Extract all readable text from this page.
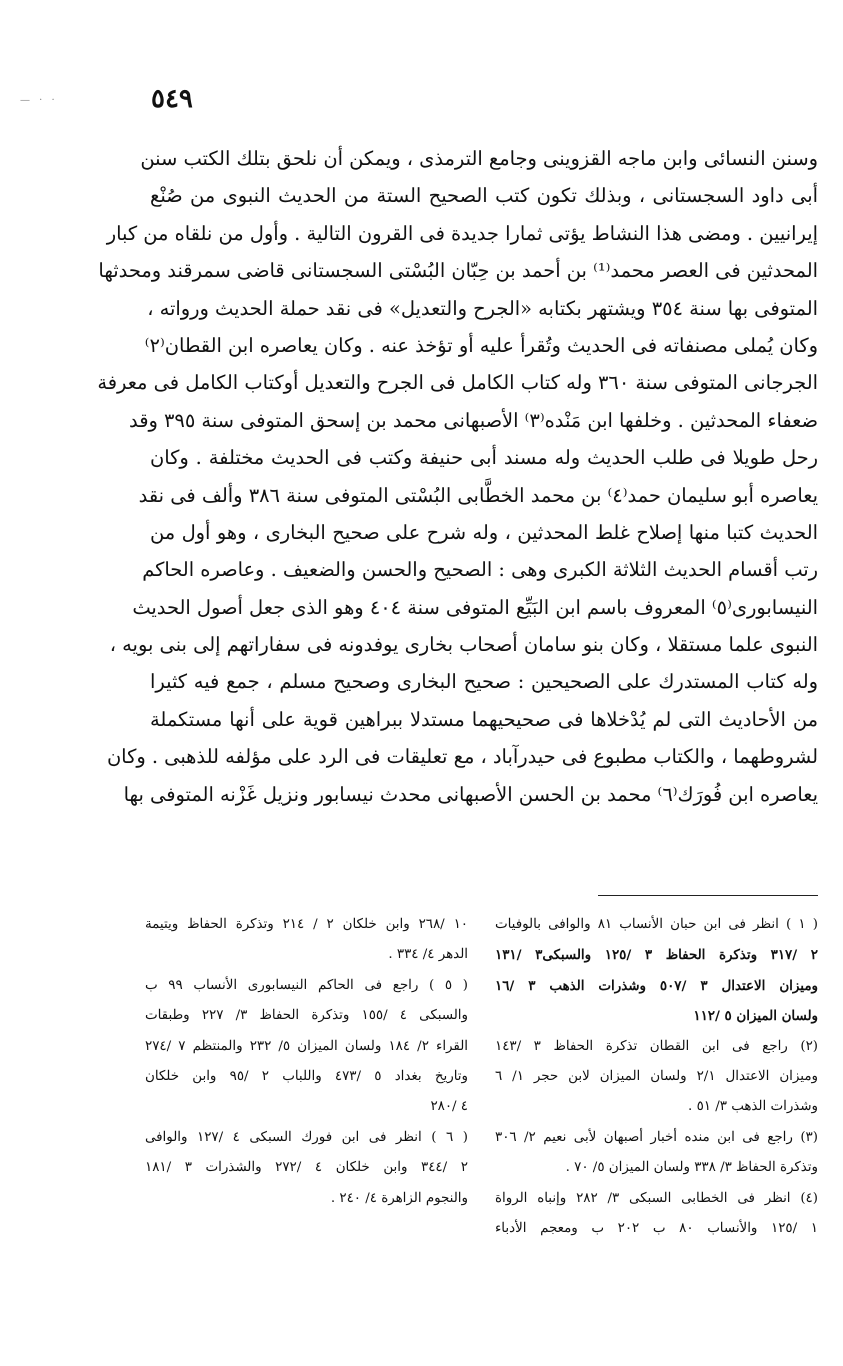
— · ·	٥٤٩
وسنن النسائى وابن ماجه القزوينى وجامع الترمذى ، ويمكن أن نلحق بتلك الكتب سنن
أبى داود السجستانى ، وبذلك تكون كتب الصحيح الستة من الحديث النبوى من صُنْع
إيرانيين . ومضى هذا النشاط يؤتى ثمارا جديدة فى القرون التالية . وأول من نلقاه من كبار
المحدثين فى العصر محمد⁽¹⁾ بن أحمد بن حِبّان البُسْتى السجستانى قاضى سمرقند ومحدثها
المتوفى بها سنة ٣٥٤ ويشتهر بكتابه «الجرح والتعديل» فى نقد حملة الحديث ورواته ،
وكان يُملى مصنفاته فى الحديث وتُقرأ عليه أو تؤخذ عنه . وكان يعاصره ابن القطان⁽٢⁾
الجرجانى المتوفى سنة ٣٦٠ وله كتاب الكامل فى الجرح والتعديل أوكتاب الكامل فى معرفة
ضعفاء المحدثين . وخلفها ابن مَنْده⁽٣⁾ الأصبهانى محمد بن إسحق المتوفى سنة ٣٩٥ وقد
رحل طويلا فى طلب الحديث وله مسند أبى حنيفة وكتب فى الحديث مختلفة . وكان
يعاصره أبو سليمان حمد⁽٤⁾ بن محمد الخطَّابى البُسْتى المتوفى سنة ٣٨٦ وألف فى نقد
الحديث كتبا منها إصلاح غلط المحدثين ، وله شرح على صحيح البخارى ، وهو أول من
رتب أقسام الحديث الثلاثة الكبرى وهى : الصحيح والحسن والضعيف . وعاصره الحاكم
النيسابورى⁽٥⁾ المعروف باسم ابن البَيِّع المتوفى سنة ٤٠٤ وهو الذى جعل أصول الحديث
النبوى علما مستقلا ، وكان بنو سامان أصحاب بخارى يوفدونه فى سفاراتهم إلى بنى بويه ،
وله كتاب المستدرك على الصحيحين : صحيح البخارى وصحيح مسلم ، جمع فيه كثيرا
من الأحاديث التى لم يُدْخلاها فى صحيحيهما مستدلا ببراهين قوية على أنها مستكملة
لشروطهما ، والكتاب مطبوع فى حيدرآباد ، مع تعليقات فى الرد على مؤلفه للذهبى . وكان
يعاصره ابن فُورَك⁽٦⁾ محمد بن الحسن الأصبهانى محدث نيسابور ونزيل غَزْنه المتوفى بها
( ١ ) انظر فى ابن حبان الأنساب ٨١ والوافى بالوفيات
٢ /٣١٧ وتذكرة الحفاظ ٣ /١٢٥ والسبكى٣ /١٣١
وميزان الاعتدال ٣ /٥٠٧ وشذرات الذهب ٣ /١٦
ولسان الميزان ٥ /١١٢
(٢) راجع فى ابن القطان تذكرة الحفاظ ٣ /١٤٣
وميزان الاعتدال ٢/١ ولسان الميزان لابن حجر ١/ ٦
وشذرات الذهب ٣/ ٥١ .
(٣) راجع فى ابن منده أخبار أصبهان لأبى نعيم ٢/ ٣٠٦
وتذكرة الحفاظ ٣/ ٣٣٨ ولسان الميزان ٥/ ٧٠ .
(٤) انظر فى الخطابى السبكى ٣/ ٢٨٢ وإنباه الرواة
١ /١٢٥ والأنساب ٨٠ ب ٢٠٢ ب ومعجم الأدباء
١٠ /٢٦٨ وابن خلكان ٢ / ٢١٤ وتذكرة الحفاظ ويتيمة
الدهر ٤/ ٣٣٤ .
( ٥ ) راجع فى الحاكم النيسابورى الأنساب ٩٩ ب
والسبكى ٤ /١٥٥ وتذكرة الحفاظ ٣/ ٢٢٧ وطبقات
القراء ٢/ ١٨٤ ولسان الميزان ٥/ ٢٣٢ والمنتظم ٧ /٢٧٤
وتاريخ بغداد ٥ /٤٧٣ واللباب ٢ /٩٥ وابن خلكان
٤ /٢٨٠
( ٦ ) انظر فى ابن فورك السبكى ٤ /١٢٧ والوافى
٢ /٣٤٤ وابن خلكان ٤ /٢٧٢ والشذرات ٣ /١٨١
والنجوم الزاهرة ٤/ ٢٤٠ .
